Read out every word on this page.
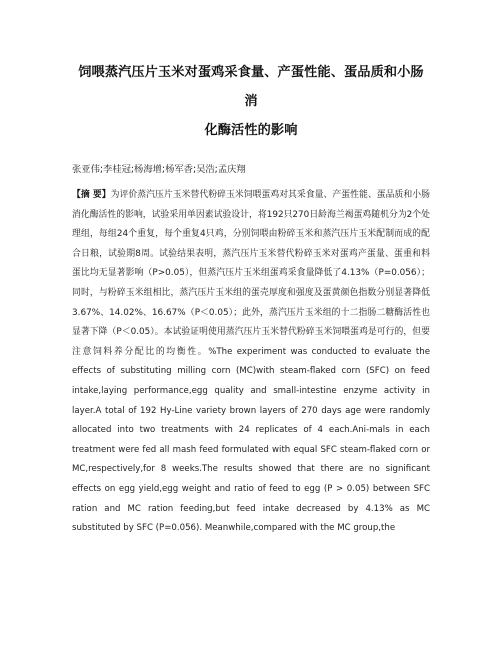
饲喂蒸汽压片玉米对蛋鸡采食量、产蛋性能、蛋品质和小肠消
化酶活性的影响

张亚伟;李桂冠;杨海增;杨军香;吴浩;孟庆翔

【摘 要】为评价蒸汽压片玉米替代粉碎玉米饲喂蛋鸡对其采食量、产蛋性能、蛋品质和小肠消化酶活性的影响，试验采用单因素试验设计，将192只270日龄海兰褐蛋鸡随机分为2个处理组，每组24个重复，每个重复4只鸡，分别饲喂由粉碎玉米和蒸汽压片玉米配制而成的配合日粮，试验期8周。试验结果表明，蒸汽压片玉米替代粉碎玉米对蛋鸡产蛋量、蛋重和料蛋比均无显著影响（P>0.05），但蒸汽压片玉米组蛋鸡采食量降低了4.13%（P=0.056）；同时，与粉碎玉米组相比，蒸汽压片玉米组的蛋壳厚度和强度及蛋黄颜色指数分别显著降低3.67%、14.02%、16.67%（P＜0.05）；此外，蒸汽压片玉米组的十二指肠二糖酶活性也显著下降（P＜0.05）。本试验证明使用蒸汽压片玉米替代粉碎玉米饲喂蛋鸡是可行的，但要注意饲料养分配比的均衡性。%The experiment was conducted to evaluate the effects of substituting milling corn (MC)with steam-flaked corn (SFC) on feed intake,laying performance,egg quality and small-intestine enzyme activity in layer.A total of 192 Hy-Line variety brown layers of 270 days age were randomly allocated into two treatments with 24 replicates of 4 each.Ani-mals in each treatment were fed all mash feed formulated with equal SFC steam-flaked corn or MC,respectively,for 8 weeks.The results showed that there are no significant effects on egg yield,egg weight and ratio of feed to egg (P > 0.05) between SFC ration and MC ration feeding,but feed intake decreased by 4.13% as MC substituted by SFC (P=0.056). Meanwhile,compared with the MC group,the
